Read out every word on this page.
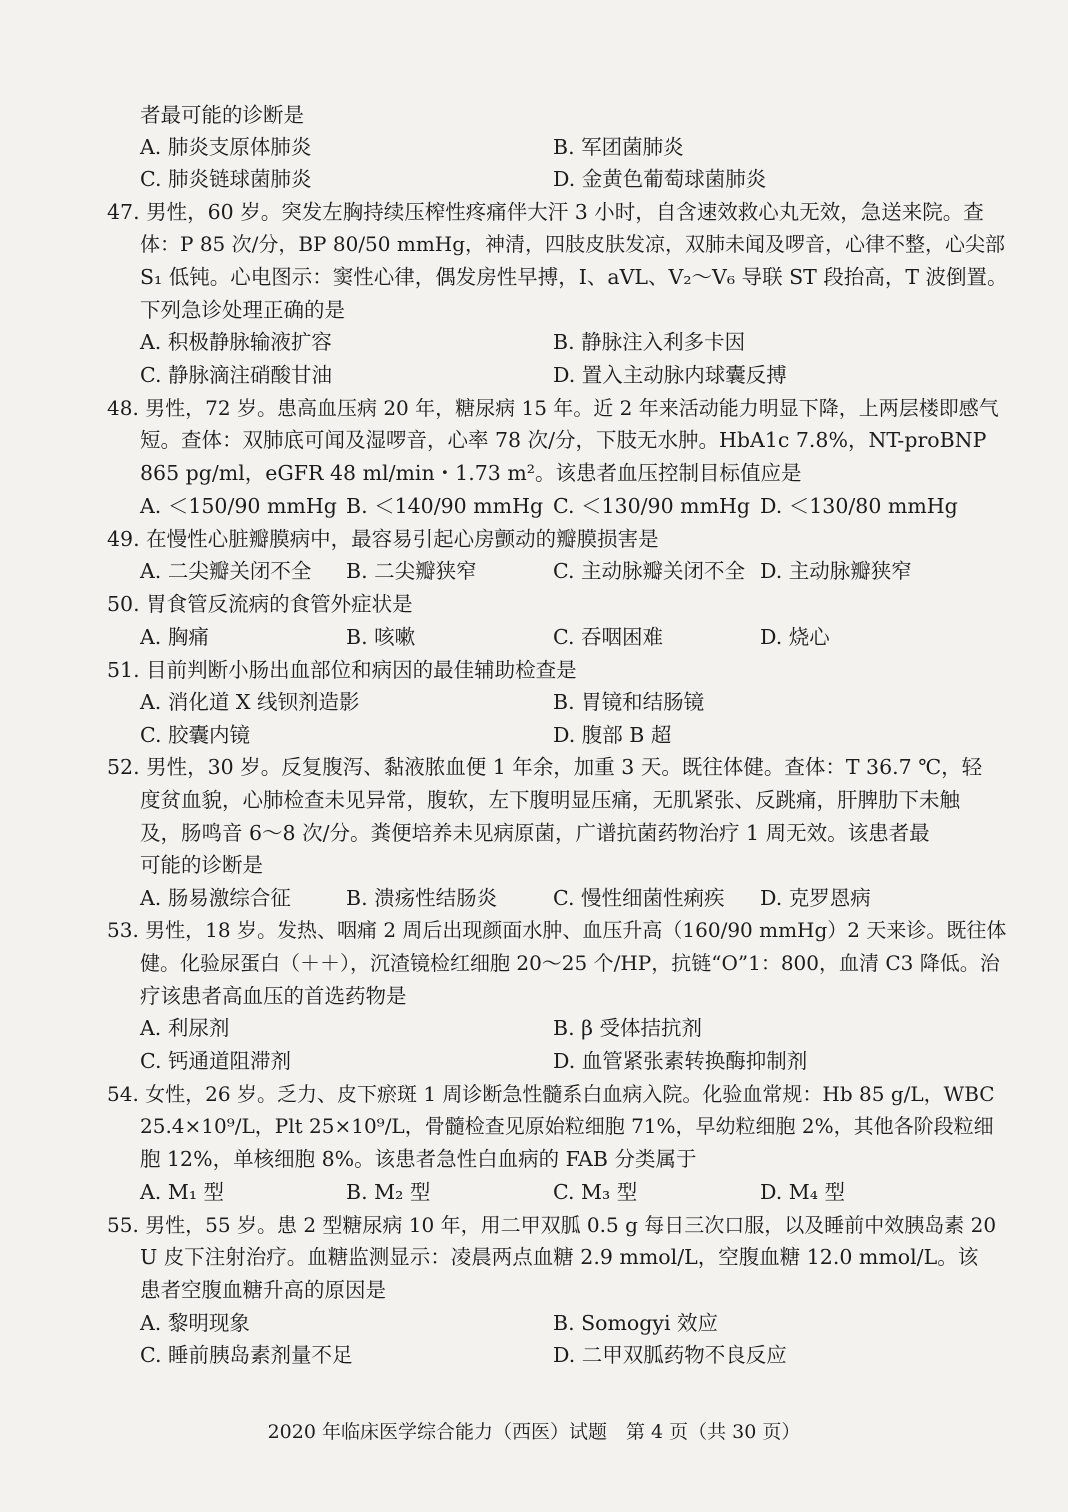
者最可能的诊断是
A. 肺炎支原体肺炎	B. 军团菌肺炎
C. 肺炎链球菌肺炎	D. 金黄色葡萄球菌肺炎
47. 男性，60 岁。突发左胸持续压榨性疼痛伴大汗 3 小时，自含速效救心丸无效，急送来院。查
体：P 85 次/分，BP 80/50 mmHg，神清，四肢皮肤发凉，双肺未闻及啰音，心律不整，心尖部
S₁ 低钝。心电图示：窦性心律，偶发房性早搏，Ⅰ、aVL、V₂～V₆ 导联 ST 段抬高，T 波倒置。
下列急诊处理正确的是
A. 积极静脉输液扩容	B. 静脉注入利多卡因
C. 静脉滴注硝酸甘油	D. 置入主动脉内球囊反搏
48. 男性，72 岁。患高血压病 20 年，糖尿病 15 年。近 2 年来活动能力明显下降，上两层楼即感气
短。查体：双肺底可闻及湿啰音，心率 78 次/分，下肢无水肿。HbA1c 7.8%，NT-proBNP
865 pg/ml，eGFR 48 ml/min・1.73 m²。该患者血压控制目标值应是
A. ＜150/90 mmHg B. ＜140/90 mmHg C. ＜130/90 mmHg D. ＜130/80 mmHg
49. 在慢性心脏瓣膜病中，最容易引起心房颤动的瓣膜损害是
A. 二尖瓣关闭不全 B. 二尖瓣狭窄	C. 主动脉瓣关闭不全 D. 主动脉瓣狭窄
50. 胃食管反流病的食管外症状是
A. 胸痛	B. 咳嗽	C. 吞咽困难	D. 烧心
51. 目前判断小肠出血部位和病因的最佳辅助检查是
A. 消化道 X 线钡剂造影	B. 胃镜和结肠镜
C. 胶囊内镜	D. 腹部 B 超
52. 男性，30 岁。反复腹泻、黏液脓血便 1 年余，加重 3 天。既往体健。查体：T 36.7 ℃，轻
度贫血貌，心肺检查未见异常，腹软，左下腹明显压痛，无肌紧张、反跳痛，肝脾肋下未触
及，肠鸣音 6～8 次/分。粪便培养未见病原菌，广谱抗菌药物治疗 1 周无效。该患者最
可能的诊断是
A. 肠易激综合征	B. 溃疡性结肠炎	C. 慢性细菌性痢疾 D. 克罗恩病
53. 男性，18 岁。发热、咽痛 2 周后出现颜面水肿、血压升高（160/90 mmHg）2 天来诊。既往体
健。化验尿蛋白（＋＋），沉渣镜检红细胞 20～25 个/HP，抗链“O”1：800，血清 C3 降低。治
疗该患者高血压的首选药物是
A. 利尿剂	B. β 受体拮抗剂
C. 钙通道阻滞剂	D. 血管紧张素转换酶抑制剂
54. 女性，26 岁。乏力、皮下瘀斑 1 周诊断急性髓系白血病入院。化验血常规：Hb 85 g/L，WBC
25.4×10⁹/L，Plt 25×10⁹/L，骨髓检查见原始粒细胞 71%，早幼粒细胞 2%，其他各阶段粒细
胞 12%，单核细胞 8%。该患者急性白血病的 FAB 分类属于
A. M₁ 型	B. M₂ 型	C. M₃ 型	D. M₄ 型
55. 男性，55 岁。患 2 型糖尿病 10 年，用二甲双胍 0.5 g 每日三次口服，以及睡前中效胰岛素 20
U 皮下注射治疗。血糖监测显示：凌晨两点血糖 2.9 mmol/L，空腹血糖 12.0 mmol/L。该
患者空腹血糖升高的原因是
A. 黎明现象	B. Somogyi 效应
C. 睡前胰岛素剂量不足	D. 二甲双胍药物不良反应
2020 年临床医学综合能力（西医）试题　第 4 页（共 30 页）
